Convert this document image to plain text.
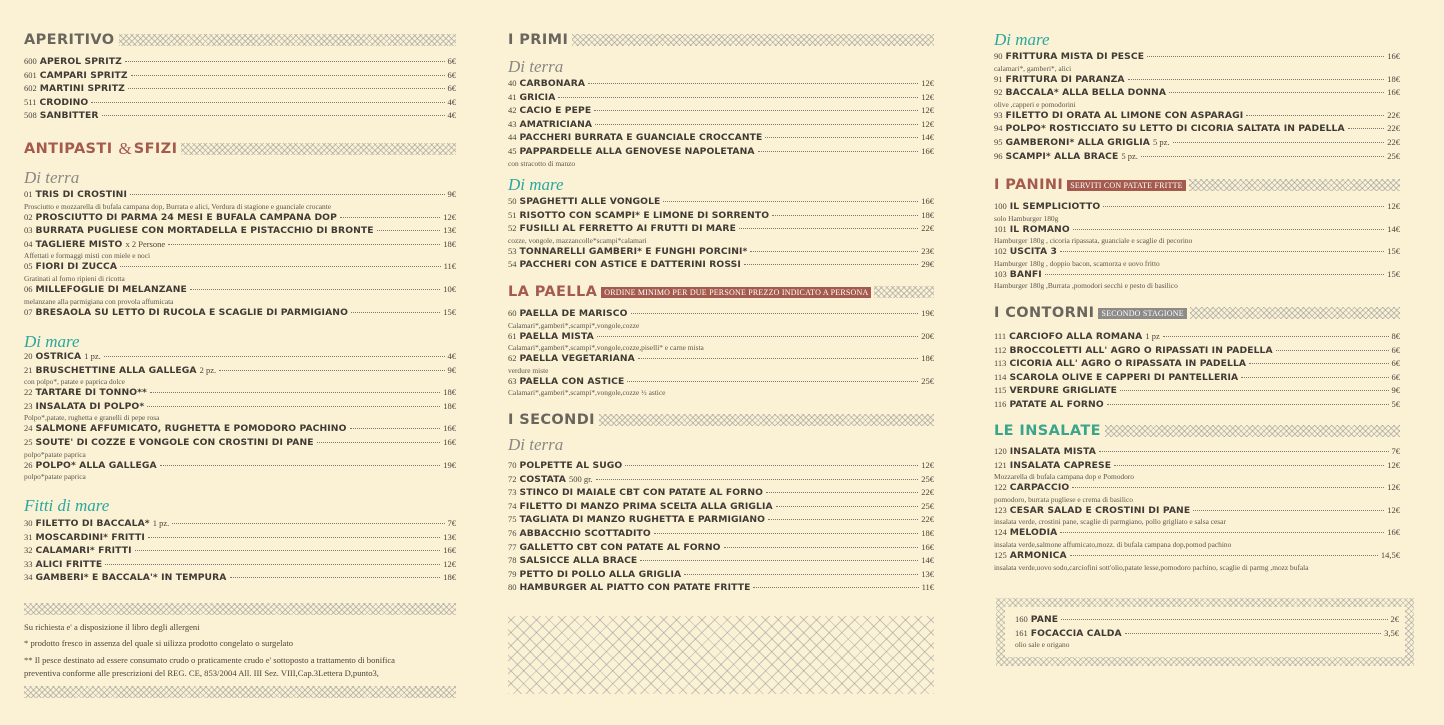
APERITIVO
600 APEROL SPRITZ	6€
601 CAMPARI SPRITZ	6€
602 MARTINI SPRITZ	6€
511 CRODINO	4€
508 SANBITTER	4€
ANTIPASTI & SFIZI
Di terra
01 TRIS DI CROSTINI	9€
Prosciutto e mozzarella di bufala campana dop, Burrata e alici, Verdura di stagione e guanciale crocante
02 PROSCIUTTO DI PARMA 24 MESI E BUFALA CAMPANA DOP	12€
03 BURRATA PUGLIESE CON MORTADELLA E PISTACCHIO DI BRONTE	13€
04 TAGLIERE MISTO x 2 Persone	18€
Affettati e formaggi misti con miele e noci
05 FIORI DI ZUCCA	11€
Gratinati al forno ripieni di ricotta
06 MILLEFOGLIE DI MELANZANE	10€
melanzane alla parmigiana con provola affumicata
07 BRESAOLA SU LETTO DI RUCOLA E SCAGLIE DI PARMIGIANO	15€
Di mare
20 OSTRICA 1 pz.	4€
21 BRUSCHETTINE ALLA GALLEGA 2 pz.	9€
con polpo*, patate e paprica dolce
22 TARTARE DI TONNO**	18€
23 INSALATA DI POLPO*	18€
Polpo*,patate, rughetta e granelli di pepe rosa
24 SALMONE AFFUMICATO, RUGHETTA E POMODORO PACHINO	16€
25 SOUTE' DI COZZE E VONGOLE CON CROSTINI DI PANE	16€
polpo*patate paprica
26 POLPO* ALLA GALLEGA	19€
polpo*patate paprica
Fitti di mare
30 FILETTO DI BACCALA* 1 pz.	7€
31 MOSCARDINI* FRITTI	13€
32 CALAMARI* FRITTI	16€
33 ALICI FRITTE	12€
34 GAMBERI* E BACCALA'* IN TEMPURA	18€
Su richiesta e' a disposizione il libro degli allergeni
* prodotto fresco in assenza del quale si uilizza prodotto congelato o surgelato
** Il pesce destinato ad essere consumato crudo o praticamente crudo e' sottoposto a trattamento di bonifica
preventiva conforme alle prescrizioni del REG. CE, 853/2004 All. III Sez. VIII,Cap.3Lettera D,punto3,
I PRIMI
Di terra
40 CARBONARA	12€
41 GRICIA	12€
42 CACIO E PEPE	12€
43 AMATRICIANA	12€
44 PACCHERI BURRATA E GUANCIALE CROCCANTE	14€
45 PAPPARDELLE ALLA GENOVESE NAPOLETANA	16€
con stracotto di manzo
Di mare
50 SPAGHETTI ALLE VONGOLE	16€
51 RISOTTO CON SCAMPI* E LIMONE DI SORRENTO	18€
52 FUSILLI AL FERRETTO AI FRUTTI DI MARE	22€
cozze, vongole, mazzancolle*scampi*calamari
53 TONNARELLI GAMBERI* E FUNGHI PORCINI*	23€
54 PACCHERI CON ASTICE E DATTERINI ROSSI	29€
LA PAELLA ORDINE MINIMO PER DUE PERSONE PREZZO INDICATO A PERSONA
60 PAELLA DE MARISCO	19€
Calamari*,gamberi*,scampi*,vongole,cozze
61 PAELLA MISTA	20€
Calamari*,gamberi*,scampi*,vongole,cozze,piselli* e carne mista
62 PAELLA VEGETARIANA	18€
verdure miste
63 PAELLA CON ASTICE	25€
Calamari*,gamberi*,scampi*,vongole,cozze ½ astice
I SECONDI
Di terra
70 POLPETTE AL SUGO	12€
72 COSTATA 500 gr.	25€
73 STINCO DI MAIALE CBT CON PATATE AL FORNO	22€
74 FILETTO DI MANZO PRIMA SCELTA ALLA GRIGLIA	25€
75 TAGLIATA DI MANZO RUGHETTA E PARMIGIANO	22€
76 ABBACCHIO SCOTTADITO	18€
77 GALLETTO CBT CON PATATE AL FORNO	16€
78 SALSICCE ALLA BRACE	14€
79 PETTO DI POLLO ALLA GRIGLIA	13€
80 HAMBURGER AL PIATTO CON PATATE FRITTE	11€
Di mare
90 FRITTURA MISTA DI PESCE	16€
calamari*, gamberi*, alici
91 FRITTURA DI PARANZA	18€
92 BACCALA* ALLA BELLA DONNA	16€
olive ,capperi e pomodorini
93 FILETTO DI ORATA AL LIMONE CON ASPARAGI	22€
94 POLPO* ROSTICCIATO SU LETTO DI CICORIA SALTATA IN PADELLA	22€
95 GAMBERONI* ALLA GRIGLIA 5 pz.	22€
96 SCAMPI* ALLA BRACE 5 pz.	25€
I PANINI SERVITI CON PATATE FRITTE
100 IL SEMPLICIOTTO	12€
solo Hamburger 180g
101 IL ROMANO	14€
Hamburger 180g , cicoria ripassata, guanciale e scaglie di pecorino
102 USCITA 3	15€
Hamburger 180g , doppio bacon, scamorza e uovo fritto
103 BANFI	15€
Hamburger 180g ,Burrata ,pomodori secchi e pesto di basilico
I CONTORNI SECONDO STAGIONE
111 CARCIOFO ALLA ROMANA 1 pz	8€
112 BROCCOLETTI ALL' AGRO O RIPASSATI IN PADELLA	6€
113 CICORIA ALL' AGRO O RIPASSATA IN PADELLA	6€
114 SCAROLA OLIVE E CAPPERI DI PANTELLERIA	6€
115 VERDURE GRIGLIATE	9€
116 PATATE AL FORNO	5€
LE INSALATE
120 INSALATA MISTA	7€
121 INSALATA CAPRESE	12€
Mozzarella di bufala campana dop e Pomodoro
122 CARPACCIO	12€
pomodoro, burrata pugliese e crema di basilico
123 CESAR SALAD E CROSTINI DI PANE	12€
insalata verde, crostini pane, scaglie di parmgiano, pollo grigliato e salsa cesar
124 MELODIA	16€
insalata verde,salmone affumicato,mozz. di bufala campana dop,pomod pachino
125 ARMONICA	14,5€
insalata verde,uovo sodo,carciofini sott'olio,patate lesse,pomodoro pachino, scaglie di parmg ,mozz bufala
160 PANE	2€
161 FOCACCIA CALDA	3,5€
olio sale e origano
